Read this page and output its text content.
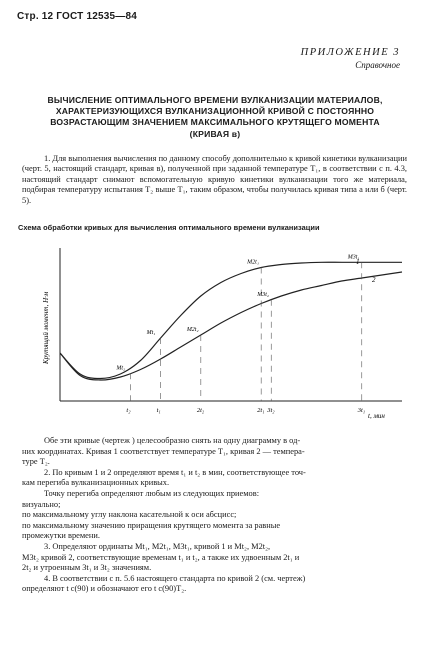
Стр. 12 ГОСТ 12535—84
ПРИЛОЖЕНИЕ 3
Справочное
ВЫЧИСЛЕНИЕ ОПТИМАЛЬНОГО ВРЕМЕНИ ВУЛКАНИЗАЦИИ МАТЕРИАЛОВ,
ХАРАКТЕРИЗУЮЩИХСЯ ВУЛКАНИЗАЦИОННОЙ КРИВОЙ С ПОСТОЯННО
ВОЗРАСТАЮЩИМ ЗНАЧЕНИЕМ МАКСИМАЛЬНОГО КРУТЯЩЕГО МОМЕНТА
(КРИВАЯ в)
1. Для выполнения вычисления по данному способу дополнительно к кривой кинетики вулканизации (черт. 5, настоящий стандарт, кривая в), полученной при заданной температуре T₁, в соответствии с п. 4.3, настоящий стандарт снимают вспомогательную кривую кинетики вулканизации того же материала, подбирая температуру испытания T₂ выше T₁, таким образом, чтобы получилась кривая типа а или б (черт. 5).
Схема обработки кривых для вычисления оптимального времени вулканизации
Крутящий момент, Н·м
t, мин
1
2
t₂	t₁	2t₂	2t₁ 3t₂	3t₁
Mt₁
M2t₁
M3t₁
Mt₂
M2t₂
M3t₂
Обе эти кривые (чертеж ) целесообразно снять на одну диаграмму в од-
них координатах. Кривая 1 соответствует температуре T₁, кривая 2 — темпера-
туре T₂.
2. По кривым 1 и 2 определяют время t₁ и t₂ в мин, соответствующее точ-
кам перегиба вулканизационных кривых.
Точку перегиба определяют любым из следующих приемов:
визуально;
по максимальному углу наклона касательной к оси абсцисс;
по максимальному значению приращения крутящего момента за равные
промежутки времени.
3. Определяют ординаты Mt₁, M2t₁, M3t₁, кривой 1 и Mt₂, M2t₂,
M3t₂ кривой 2, соответствующие временам t₁ и t₂, а также их удвоенным 2t₁ и
2t₂ и утроенным 3t₁ и 3t₂ значениям.
4. В соответствии с п. 5.6 настоящего стандарта по кривой 2 (см. чертеж)
определяют t c(90) и обозначают его t c(90)T₂.
